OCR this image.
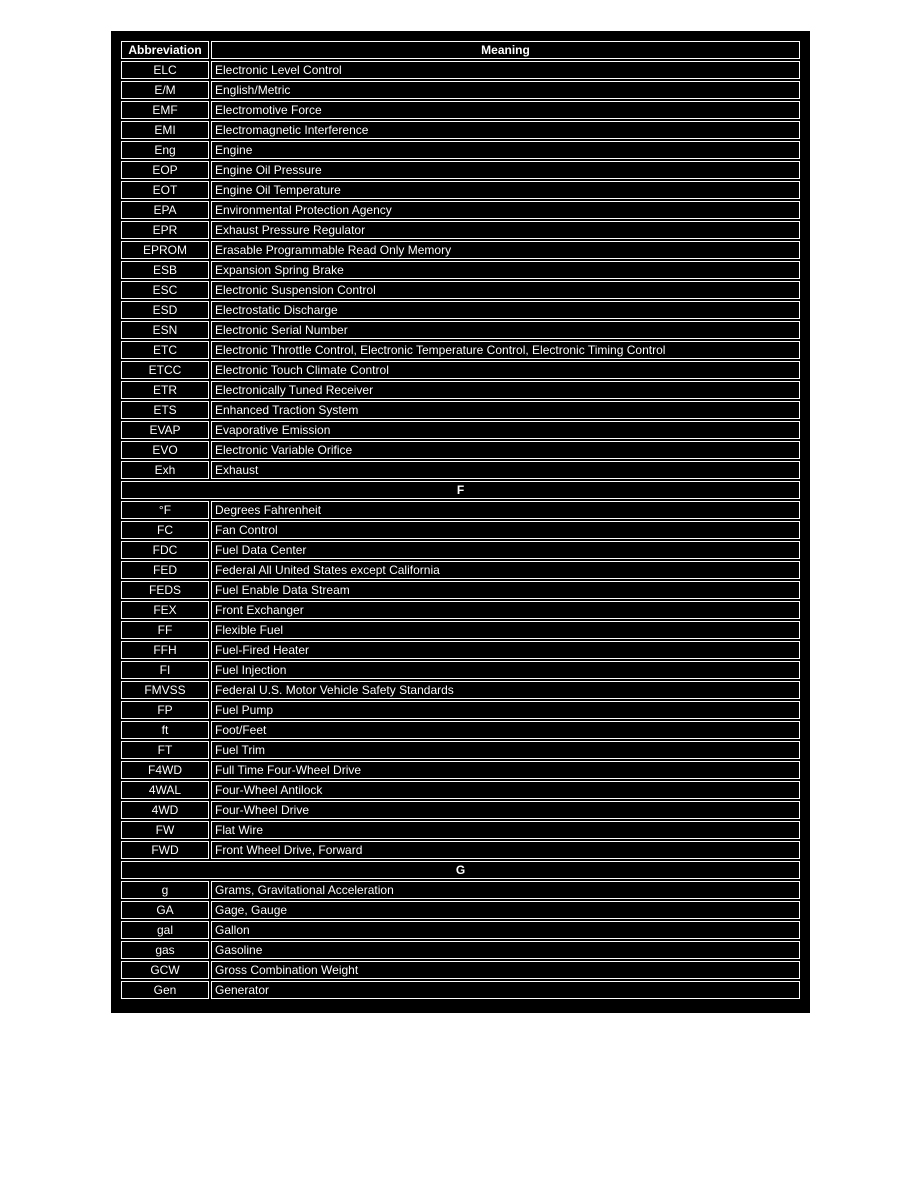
Abbreviation	Meaning
ELC	Electronic Level Control
E/M	English/Metric
EMF	Electromotive Force
EMI	Electromagnetic Interference
Eng	Engine
EOP	Engine Oil Pressure
EOT	Engine Oil Temperature
EPA	Environmental Protection Agency
EPR	Exhaust Pressure Regulator
EPROM	Erasable Programmable Read Only Memory
ESB	Expansion Spring Brake
ESC	Electronic Suspension Control
ESD	Electrostatic Discharge
ESN	Electronic Serial Number
ETC	Electronic Throttle Control, Electronic Temperature Control, Electronic Timing Control
ETCC	Electronic Touch Climate Control
ETR	Electronically Tuned Receiver
ETS	Enhanced Traction System
EVAP	Evaporative Emission
EVO	Electronic Variable Orifice
Exh	Exhaust
F	
°F	Degrees Fahrenheit
FC	Fan Control
FDC	Fuel Data Center
FED	Federal All United States except California
FEDS	Fuel Enable Data Stream
FEX	Front Exchanger
FF	Flexible Fuel
FFH	Fuel-Fired Heater
FI	Fuel Injection
FMVSS	Federal U.S. Motor Vehicle Safety Standards
FP	Fuel Pump
ft	Foot/Feet
FT	Fuel Trim
F4WD	Full Time Four-Wheel Drive
4WAL	Four-Wheel Antilock
4WD	Four-Wheel Drive
FW	Flat Wire
FWD	Front Wheel Drive, Forward
G	
g	Grams, Gravitational Acceleration
GA	Gage, Gauge
gal	Gallon
gas	Gasoline
GCW	Gross Combination Weight
Gen	Generator
